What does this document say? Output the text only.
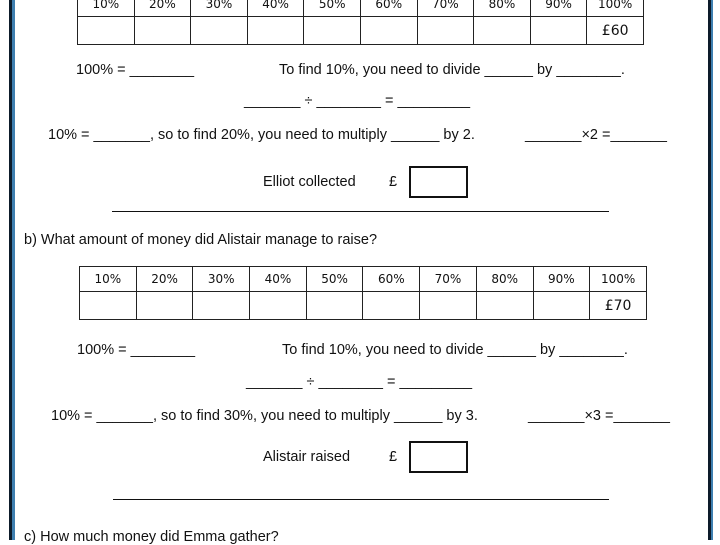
10%	20%	30%	40%	50%	60%	70%	80%	90%	100%
									£60
100% = ________	To find 10%, you need to divide ______ by ________.
_______ ÷ ________ = _________
10% = _______, so to find 20%, you need to multiply ______ by 2.	_______×2 =_______
Elliot collected £
b) What amount of money did Alistair manage to raise?
10%	20%	30%	40%	50%	60%	70%	80%	90%	100%
									£70
100% = ________	To find 10%, you need to divide ______ by ________.
_______ ÷ ________ = _________
10% = _______, so to find 30%, you need to multiply ______ by 3.	_______×3 =_______
Alistair raised	£
c) How much money did Emma gather?
